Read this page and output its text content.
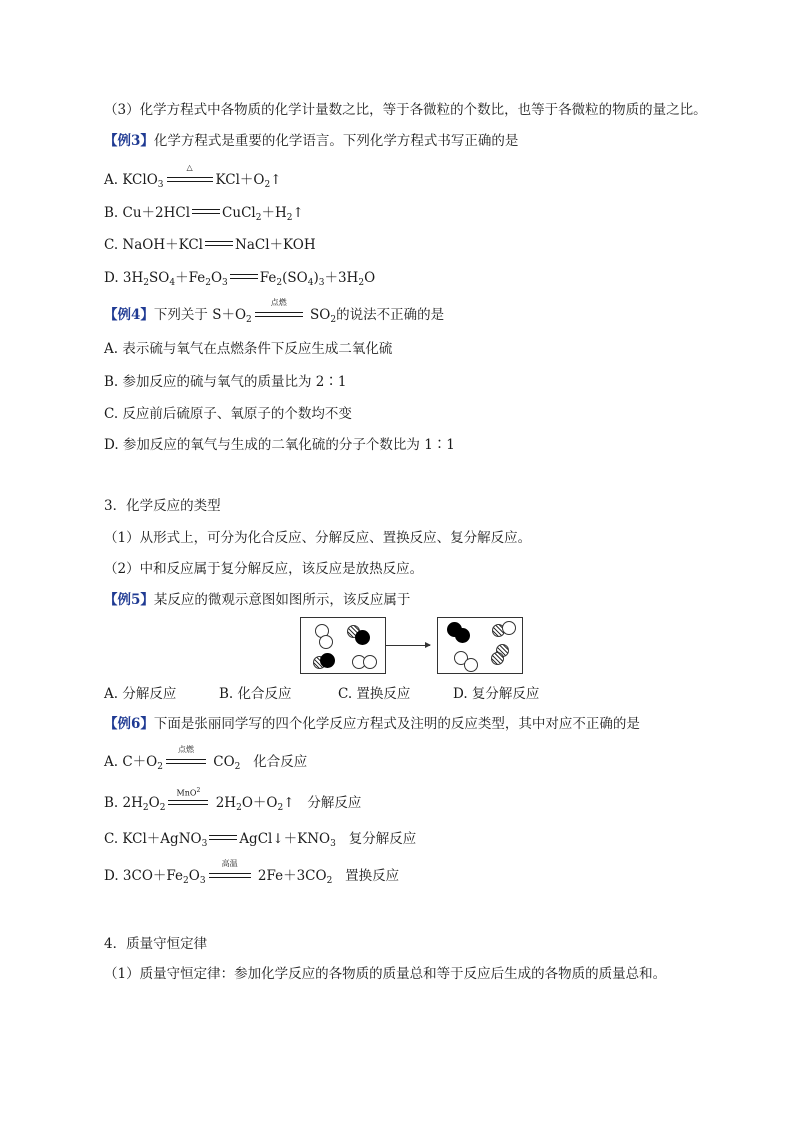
（3）化学方程式中各物质的化学计量数之比，等于各微粒的个数比，也等于各微粒的物质的量之比。
【例3】化学方程式是重要的化学语言。下列化学方程式书写正确的是
A. KClO$_3$
△
$KCl+O_2↑$
B. Cu＋2HCl $CuCl_2+H_2↑$
C. NaOH＋KCl NaCl＋KOH
D. $3H_2SO_4+Fe_2O_3$ $Fe_2(SO_4)_3+3H_2O$
【例4】下列关于 $S+O_2$
点燃
$SO_2$的说法不正确的是
A. 表示硫与氧气在点燃条件下反应生成二氧化硫
B. 参加反应的硫与氧气的质量比为 2∶1
C. 反应前后硫原子、氧原子的个数均不变
D. 参加反应的氧气与生成的二氧化硫的分子个数比为 1∶1
3．化学反应的类型
（1）从形式上，可分为化合反应、分解反应、置换反应、复分解反应。
（2）中和反应属于复分解反应，该反应是放热反应。
【例5】某反应的微观示意图如图所示，该反应属于
A. 分解反应	B. 化合反应	C. 置换反应	D. 复分解反应
【例6】下面是张丽同学写的四个化学反应方程式及注明的反应类型，其中对应不正确的是
A. $C+O_2$
点燃
$CO_2$ 化合反应
B. $2H_2O_2$
MnO$^2$
$2H_2O+O_2↑$   分解反应
C. KCl＋AgNO$_3$ $AgCl↓+KNO_3$ 复分解反应
D. $3CO+Fe_2O_3$
高温
$2Fe+3CO_2$ 置换反应
4．质量守恒定律
（1）质量守恒定律：参加化学反应的各物质的质量总和等于反应后生成的各物质的质量总和。
